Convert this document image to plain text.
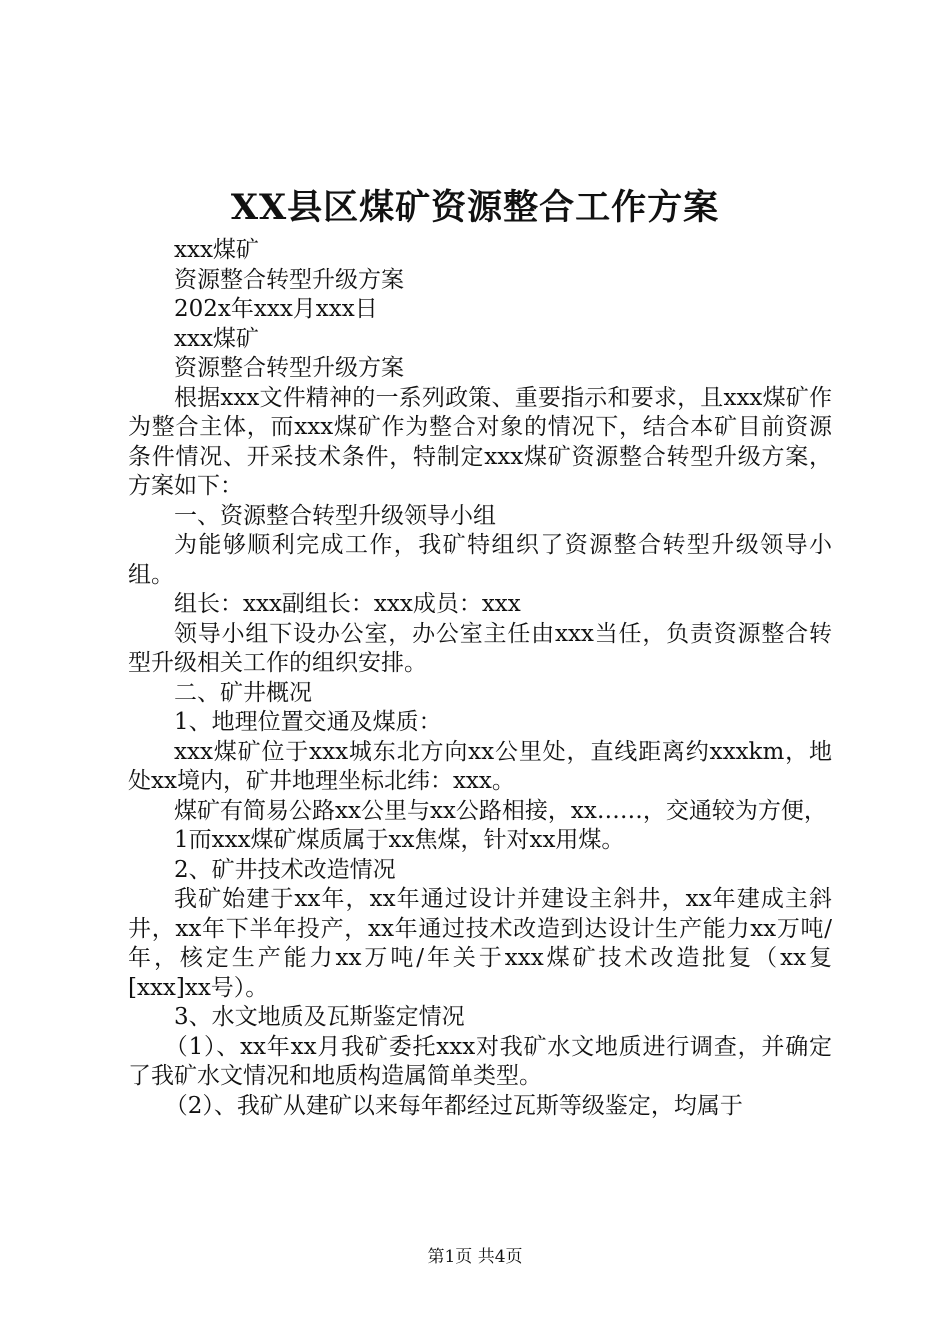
XX县区煤矿资源整合工作方案

xxx煤矿

资源整合转型升级方案

202x年xxx月xxx日

xxx煤矿

资源整合转型升级方案

根据xxx文件精神的一系列政策、重要指示和要求，且xxx煤矿作为整合主体，而xxx煤矿作为整合对象的情况下，结合本矿目前资源条件情况、开采技术条件，特制定xxx煤矿资源整合转型升级方案，方案如下：

一、资源整合转型升级领导小组

为能够顺利完成工作，我矿特组织了资源整合转型升级领导小组。

组长：xxx副组长：xxx成员：xxx

领导小组下设办公室，办公室主任由xxx当任，负责资源整合转型升级相关工作的组织安排。

二、矿井概况

1、地理位置交通及煤质：

xxx煤矿位于xxx城东北方向xx公里处，直线距离约xxxkm，地处xx境内，矿井地理坐标北纬：xxx。

煤矿有简易公路xx公里与xx公路相接，xx……，交通较为方便，

1而xxx煤矿煤质属于xx焦煤，针对xx用煤。

2、矿井技术改造情况

我矿始建于xx年，xx年通过设计并建设主斜井，xx年建成主斜井，xx年下半年投产，xx年通过技术改造到达设计生产能力xx万吨/年，核定生产能力xx万吨/年关于xxx煤矿技术改造批复（xx复[xxx]xx号）。

3、水文地质及瓦斯鉴定情况

（1）、xx年xx月我矿委托xxx对我矿水文地质进行调查，并确定了我矿水文情况和地质构造属简单类型。

（2）、我矿从建矿以来每年都经过瓦斯等级鉴定，均属于

第1页 共4页
